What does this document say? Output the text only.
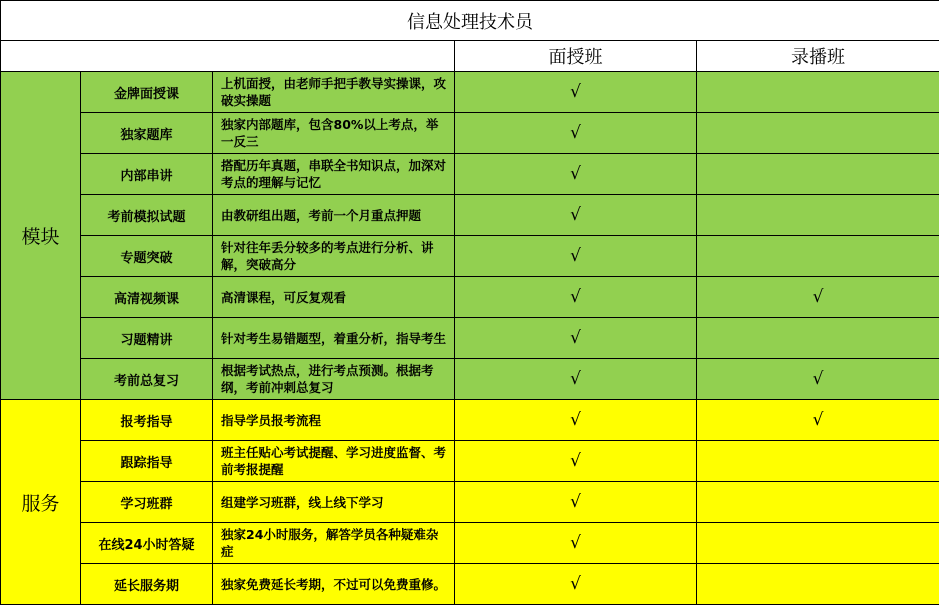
信息处理技术员				
			面授班	录播班
模块	金牌面授课	上机面授，由老师手把手教导实操课，攻破实操题	√	
	独家题库	独家内部题库，包含80%以上考点，举一反三	√	
	内部串讲	搭配历年真题，串联全书知识点，加深对考点的理解与记忆	√	
	考前模拟试题	由教研组出题，考前一个月重点押题	√	
	专题突破	针对往年丢分较多的考点进行分析、讲解，突破高分	√	
	高清视频课	高清课程，可反复观看	√	√
	习题精讲	针对考生易错题型，着重分析，指导考生	√	
	考前总复习	根据考试热点，进行考点预测。根据考纲，考前冲刺总复习	√	√
服务	报考指导	指导学员报考流程	√	√
	跟踪指导	班主任贴心考试提醒、学习进度监督、考前考报提醒	√	
	学习班群	组建学习班群，线上线下学习	√	
	在线24小时答疑	独家24小时服务，解答学员各种疑难杂症	√	
	延长服务期	独家免费延长考期，不过可以免费重修。	√	
